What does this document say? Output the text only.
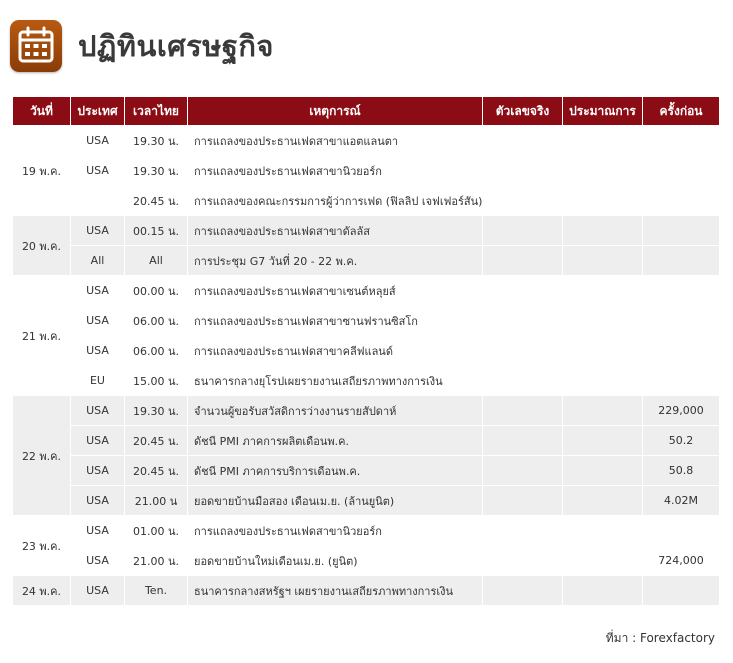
ปฏิทินเศรษฐกิจ
วันที่	ประเทศ	เวลาไทย	เหตุการณ์	ตัวเลขจริง	ประมาณการ	ครั้งก่อน
19 พ.ค.	USA	19.30 น.	การแถลงของประธานเฟดสาขาแอตแลนตา			
	USA	19.30 น.	การแถลงของประธานเฟดสาขานิวยอร์ก			
		20.45 น.	การแถลงของคณะกรรมการผู้ว่าการเฟด (ฟิลลิป เจฟเฟอร์สัน)			
20 พ.ค.	USA	00.15 น.	การแถลงของประธานเฟดสาขาดัลลัส			
	All	All	การประชุม G7 วันที่ 20 - 22 พ.ค.			
21 พ.ค.	USA	00.00 น.	การแถลงของประธานเฟดสาขาเซนต์หลุยส์			
	USA	06.00 น.	การแถลงของประธานเฟดสาขาซานฟรานซิสโก			
	USA	06.00 น.	การแถลงของประธานเฟดสาขาคลีฟแลนด์			
	EU	15.00 น.	ธนาคารกลางยุโรปเผยรายงานเสถียรภาพทางการเงิน			
22 พ.ค.	USA	19.30 น.	จำนวนผู้ขอรับสวัสดิการว่างงานรายสัปดาห์			229,000
	USA	20.45 น.	ดัชนี PMI ภาคการผลิตเดือนพ.ค.			50.2
	USA	20.45 น.	ดัชนี PMI ภาคการบริการเดือนพ.ค.			50.8
	USA	21.00 น	ยอดขายบ้านมือสอง เดือนเม.ย. (ล้านยูนิต)			4.02M
23 พ.ค.	USA	01.00 น.	การแถลงของประธานเฟดสาขานิวยอร์ก			
	USA	21.00 น.	ยอดขายบ้านใหม่เดือนเม.ย. (ยูนิต)			724,000
24 พ.ค.	USA	Ten.	ธนาคารกลางสหรัฐฯ เผยรายงานเสถียรภาพทางการเงิน			
ที่มา : Forexfactory
